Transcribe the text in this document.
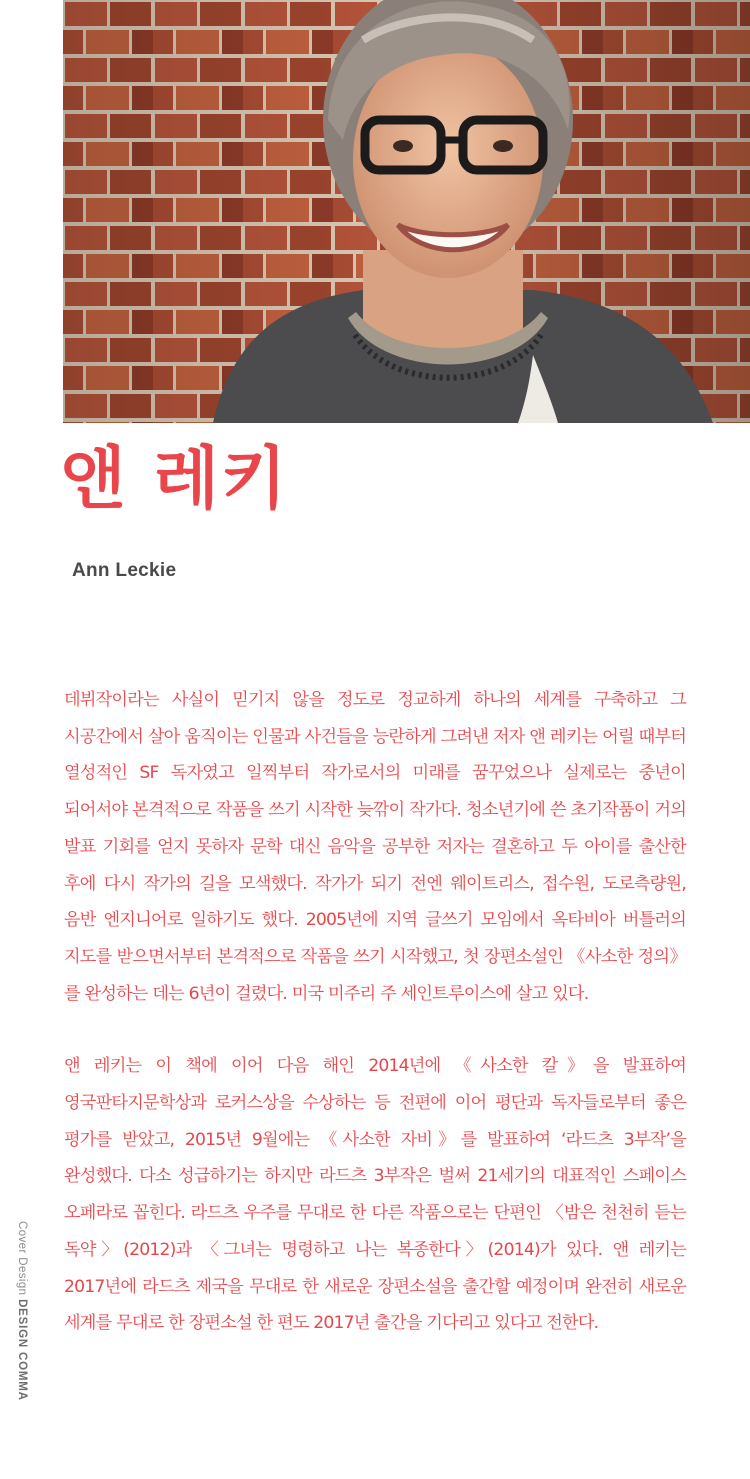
앤 레키
Ann Leckie

데뷔작이라는 사실이 믿기지 않을 정도로 정교하게 하나의 세계를 구축하고 그 시공간에서 살아 움직이는 인물과 사건들을 능란하게 그려낸 저자 앤 레키는 어릴 때부터 열성적인 SF 독자였고 일찍부터 작가로서의 미래를 꿈꾸었으나 실제로는 중년이 되어서야 본격적으로 작품을 쓰기 시작한 늦깎이 작가다. 청소년기에 쓴 초기작품이 거의 발표 기회를 얻지 못하자 문학 대신 음악을 공부한 저자는 결혼하고 두 아이를 출산한 후에 다시 작가의 길을 모색했다. 작가가 되기 전엔 웨이트리스, 접수원, 도로측량원, 음반 엔지니어로 일하기도 했다. 2005년에 지역 글쓰기 모임에서 옥타비아 버틀러의 지도를 받으면서부터 본격적으로 작품을 쓰기 시작했고, 첫 장편소설인 《사소한 정의》를 완성하는 데는 6년이 걸렸다. 미국 미주리 주 세인트루이스에 살고 있다.

앤 레키는 이 책에 이어 다음 해인 2014년에 《사소한 칼》을 발표하여 영국판타지문학상과 로커스상을 수상하는 등 전편에 이어 평단과 독자들로부터 좋은 평가를 받았고, 2015년 9월에는 《사소한 자비》를 발표하여 ‘라드츠 3부작’을 완성했다. 다소 성급하기는 하지만 라드츠 3부작은 벌써 21세기의 대표적인 스페이스 오페라로 꼽힌다. 라드츠 우주를 무대로 한 다른 작품으로는 단편인 〈밤은 천천히 듣는 독약〉(2012)과 〈그녀는 명령하고 나는 복종한다〉(2014)가 있다. 앤 레키는 2017년에 라드츠 제국을 무대로 한 새로운 장편소설을 출간할 예정이며 완전히 새로운 세계를 무대로 한 장편소설 한 편도 2017년 출간을 기다리고 있다고 전한다.

Cover Design DESIGN COMMA
